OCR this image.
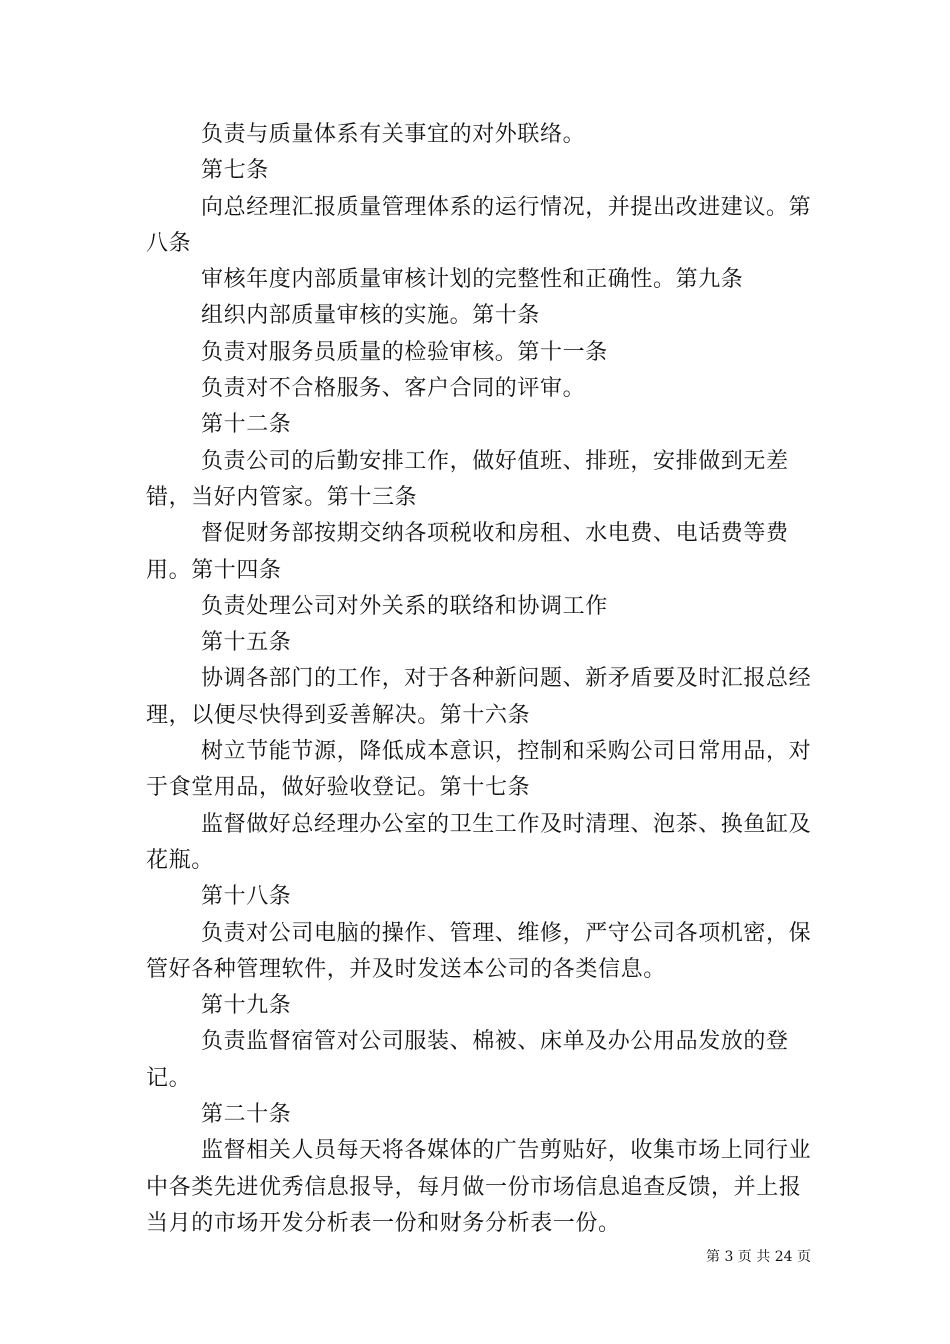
负责与质量体系有关事宜的对外联络。

第七条

向总经理汇报质量管理体系的运行情况，并提出改进建议。第八条

审核年度内部质量审核计划的完整性和正确性。第九条

组织内部质量审核的实施。第十条

负责对服务员质量的检验审核。第十一条

负责对不合格服务、客户合同的评审。

第十二条

负责公司的后勤安排工作，做好值班、排班，安排做到无差错，当好内管家。第十三条

督促财务部按期交纳各项税收和房租、水电费、电话费等费用。第十四条

负责处理公司对外关系的联络和协调工作

第十五条

协调各部门的工作，对于各种新问题、新矛盾要及时汇报总经理，以便尽快得到妥善解决。第十六条

树立节能节源，降低成本意识，控制和采购公司日常用品，对于食堂用品，做好验收登记。第十七条

监督做好总经理办公室的卫生工作及时清理、泡茶、换鱼缸及花瓶。

第十八条

负责对公司电脑的操作、管理、维修，严守公司各项机密，保管好各种管理软件，并及时发送本公司的各类信息。

第十九条

负责监督宿管对公司服装、棉被、床单及办公用品发放的登记。

第二十条

监督相关人员每天将各媒体的广告剪贴好，收集市场上同行业中各类先进优秀信息报导，每月做一份市场信息追查反馈，并上报当月的市场开发分析表一份和财务分析表一份。

第 3 页 共 24 页
